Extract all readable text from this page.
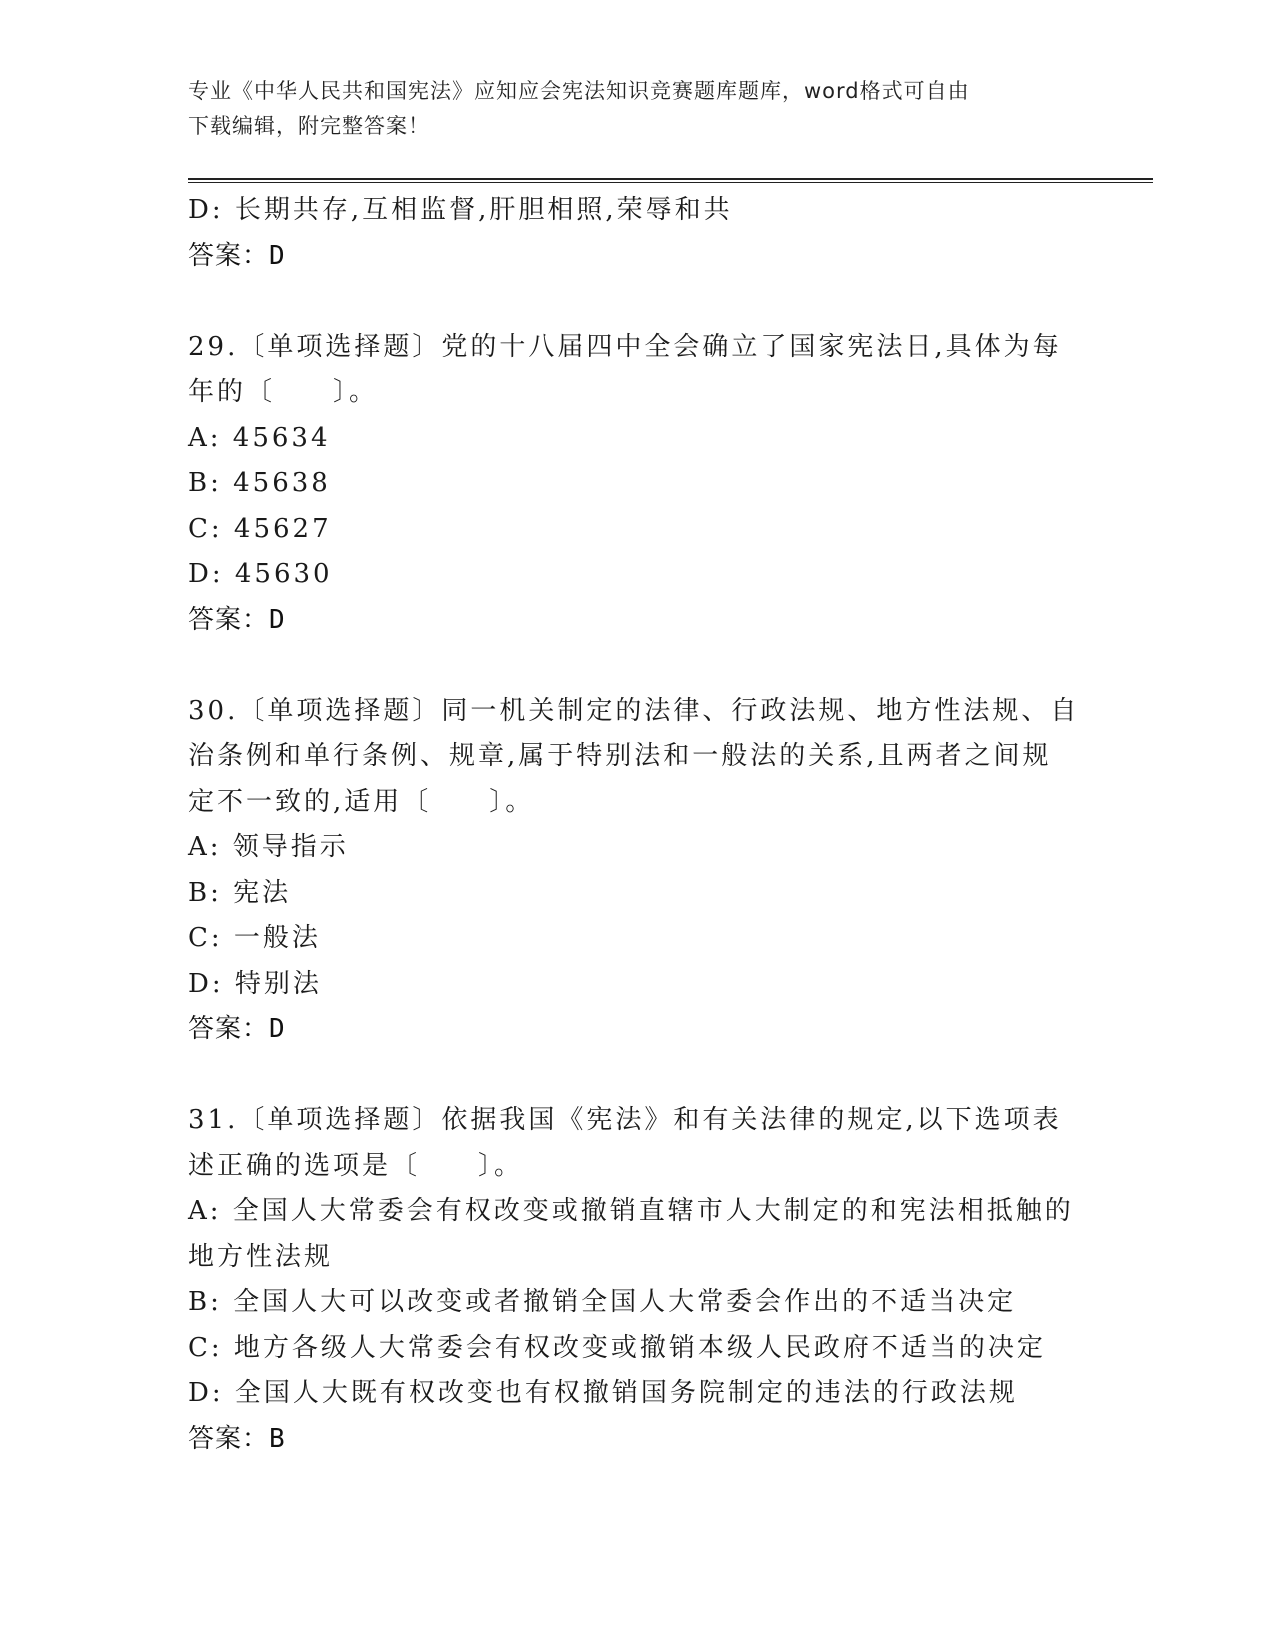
专业《中华人民共和国宪法》应知应会宪法知识竞赛题库题库，word格式可自由
下载编辑，附完整答案！
D: 长期共存,互相监督,肝胆相照,荣辱和共
答案：D
29.〔单项选择题〕党的十八届四中全会确立了国家宪法日,具体为每
年的〔　　〕。
A: 45634
B: 45638
C: 45627
D: 45630
答案：D
30.〔单项选择题〕同一机关制定的法律、行政法规、地方性法规、自
治条例和单行条例、规章,属于特别法和一般法的关系,且两者之间规
定不一致的,适用〔　　〕。
A: 领导指示
B: 宪法
C: 一般法
D: 特别法
答案：D
31.〔单项选择题〕依据我国《宪法》和有关法律的规定,以下选项表
述正确的选项是〔　　〕。
A: 全国人大常委会有权改变或撤销直辖市人大制定的和宪法相抵触的
地方性法规
B: 全国人大可以改变或者撤销全国人大常委会作出的不适当决定
C: 地方各级人大常委会有权改变或撤销本级人民政府不适当的决定
D: 全国人大既有权改变也有权撤销国务院制定的违法的行政法规
答案：B
